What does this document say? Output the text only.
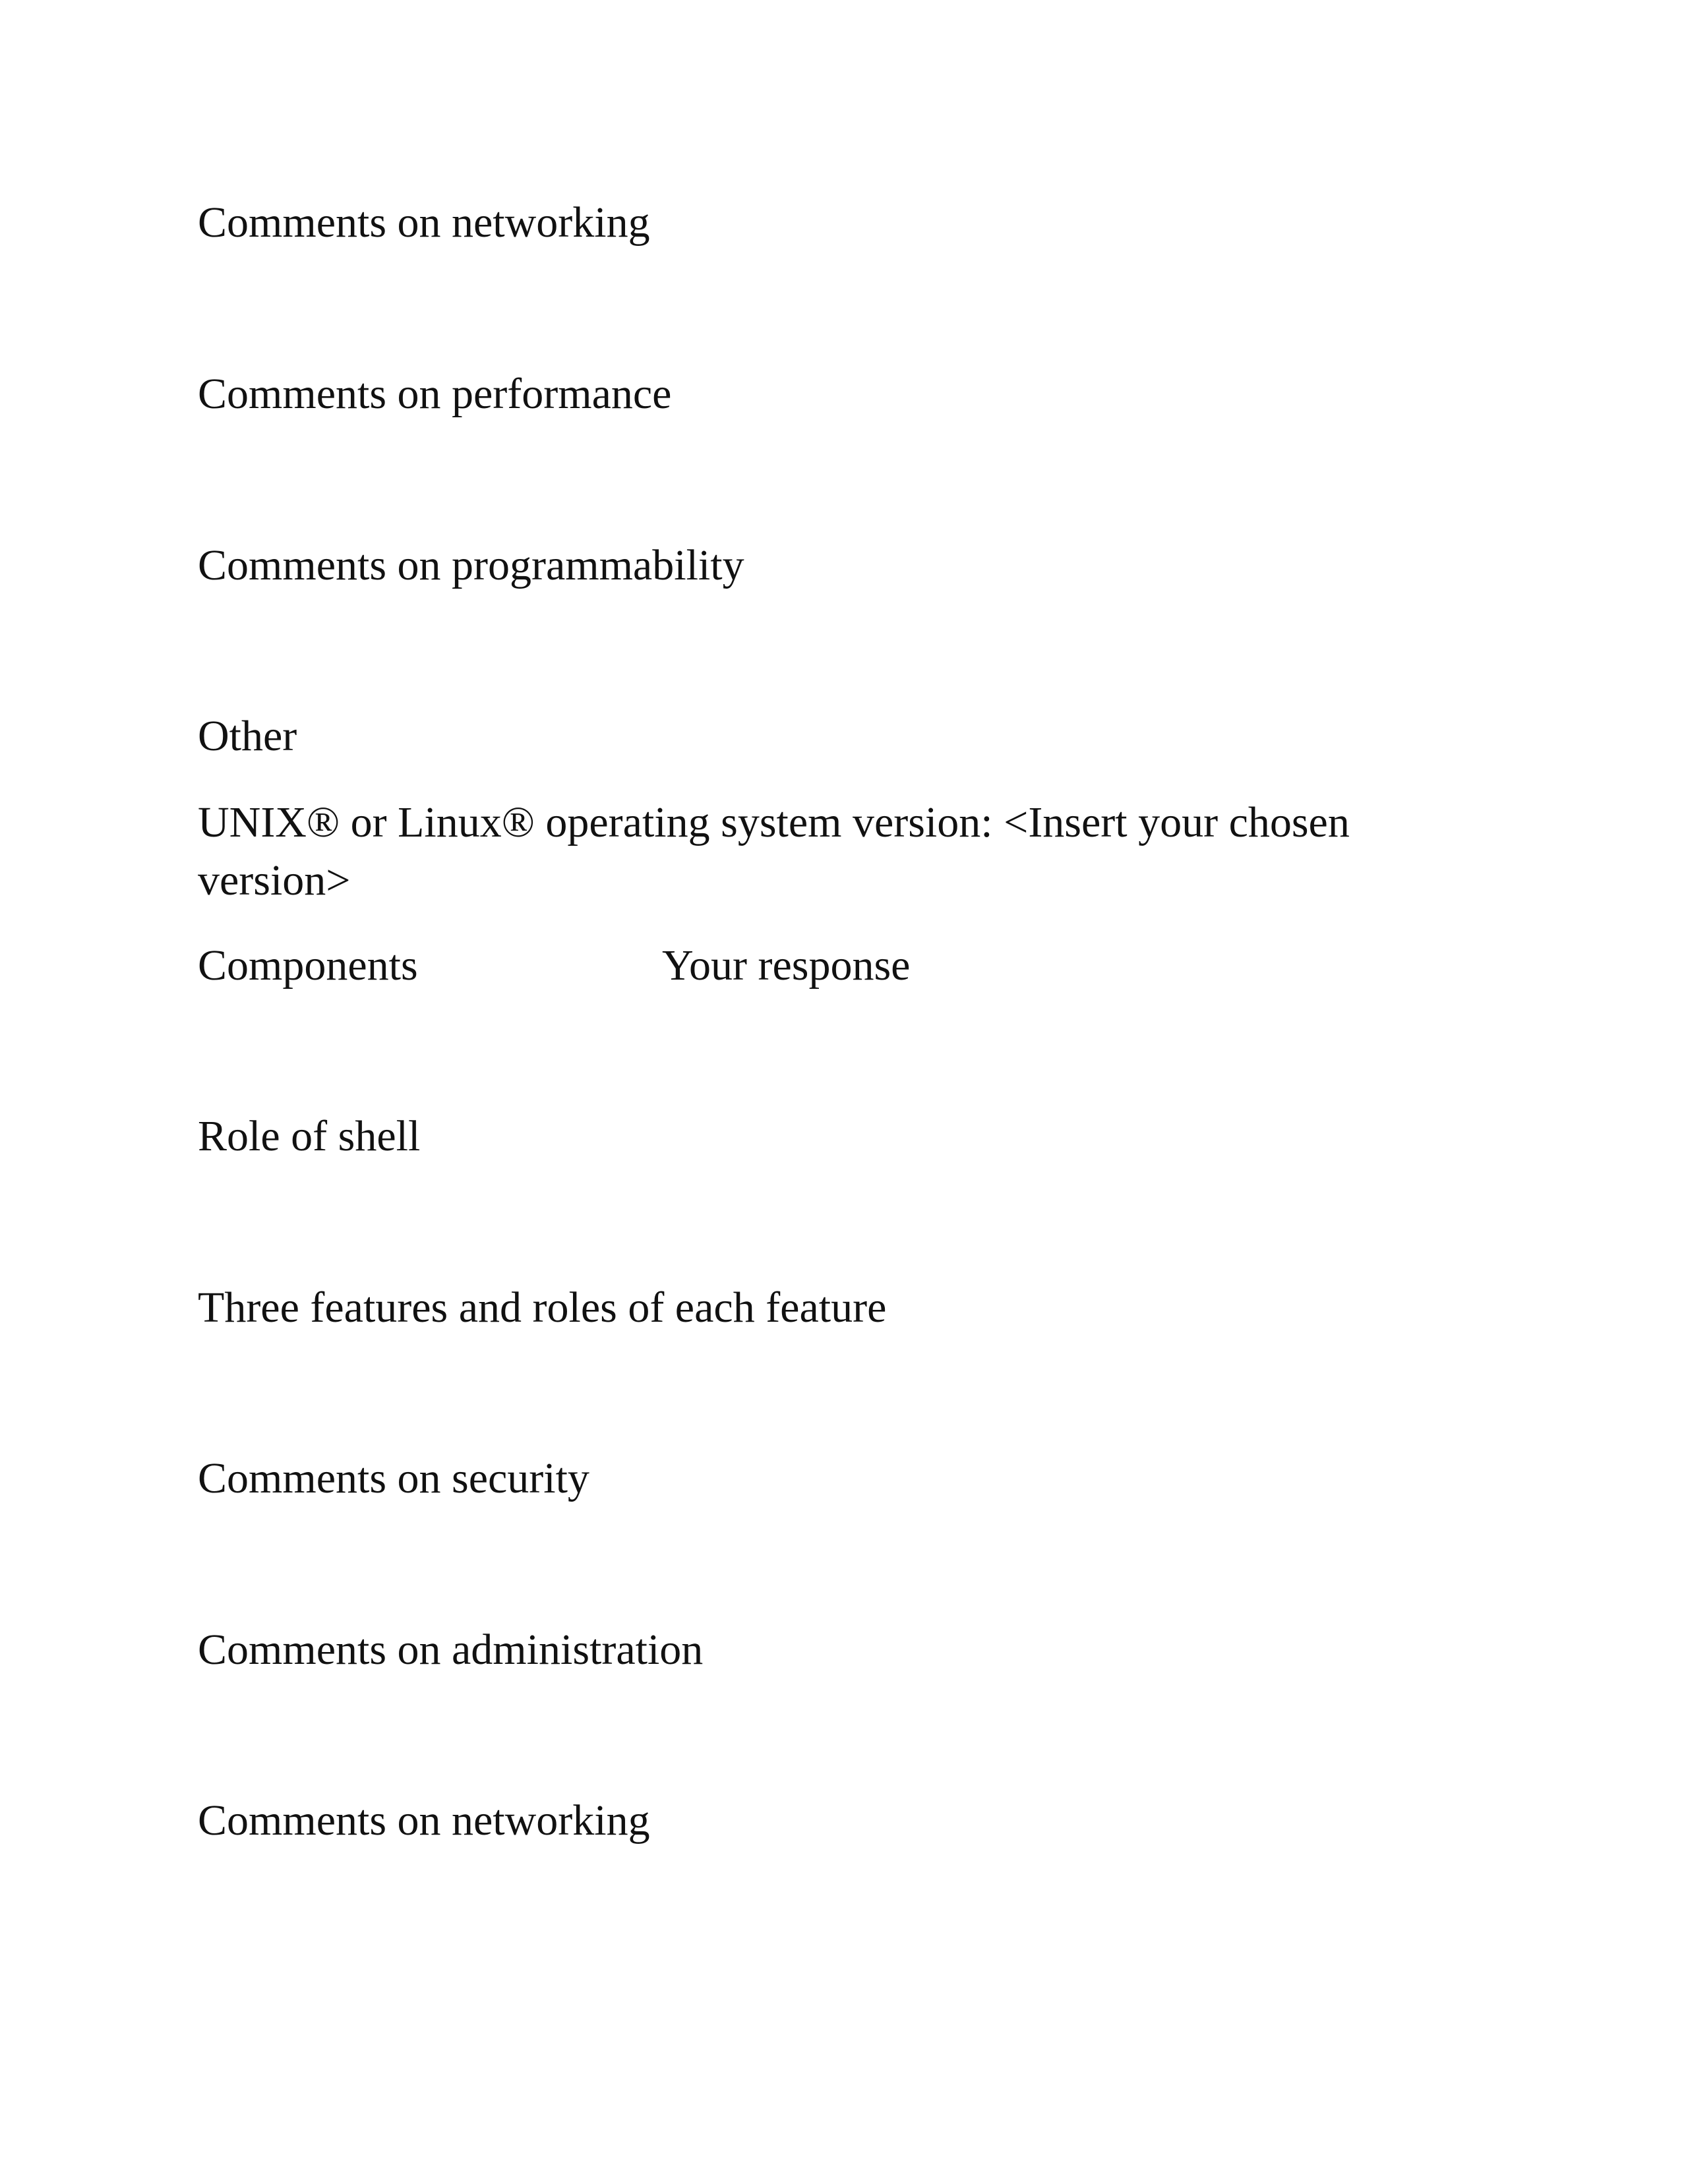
Comments on networking

Comments on performance

Comments on programmability

Other

UNIX® or Linux® operating system version: <Insert your chosen version>

Components	Your response

Role of shell

Three features and roles of each feature

Comments on security

Comments on administration

Comments on networking
